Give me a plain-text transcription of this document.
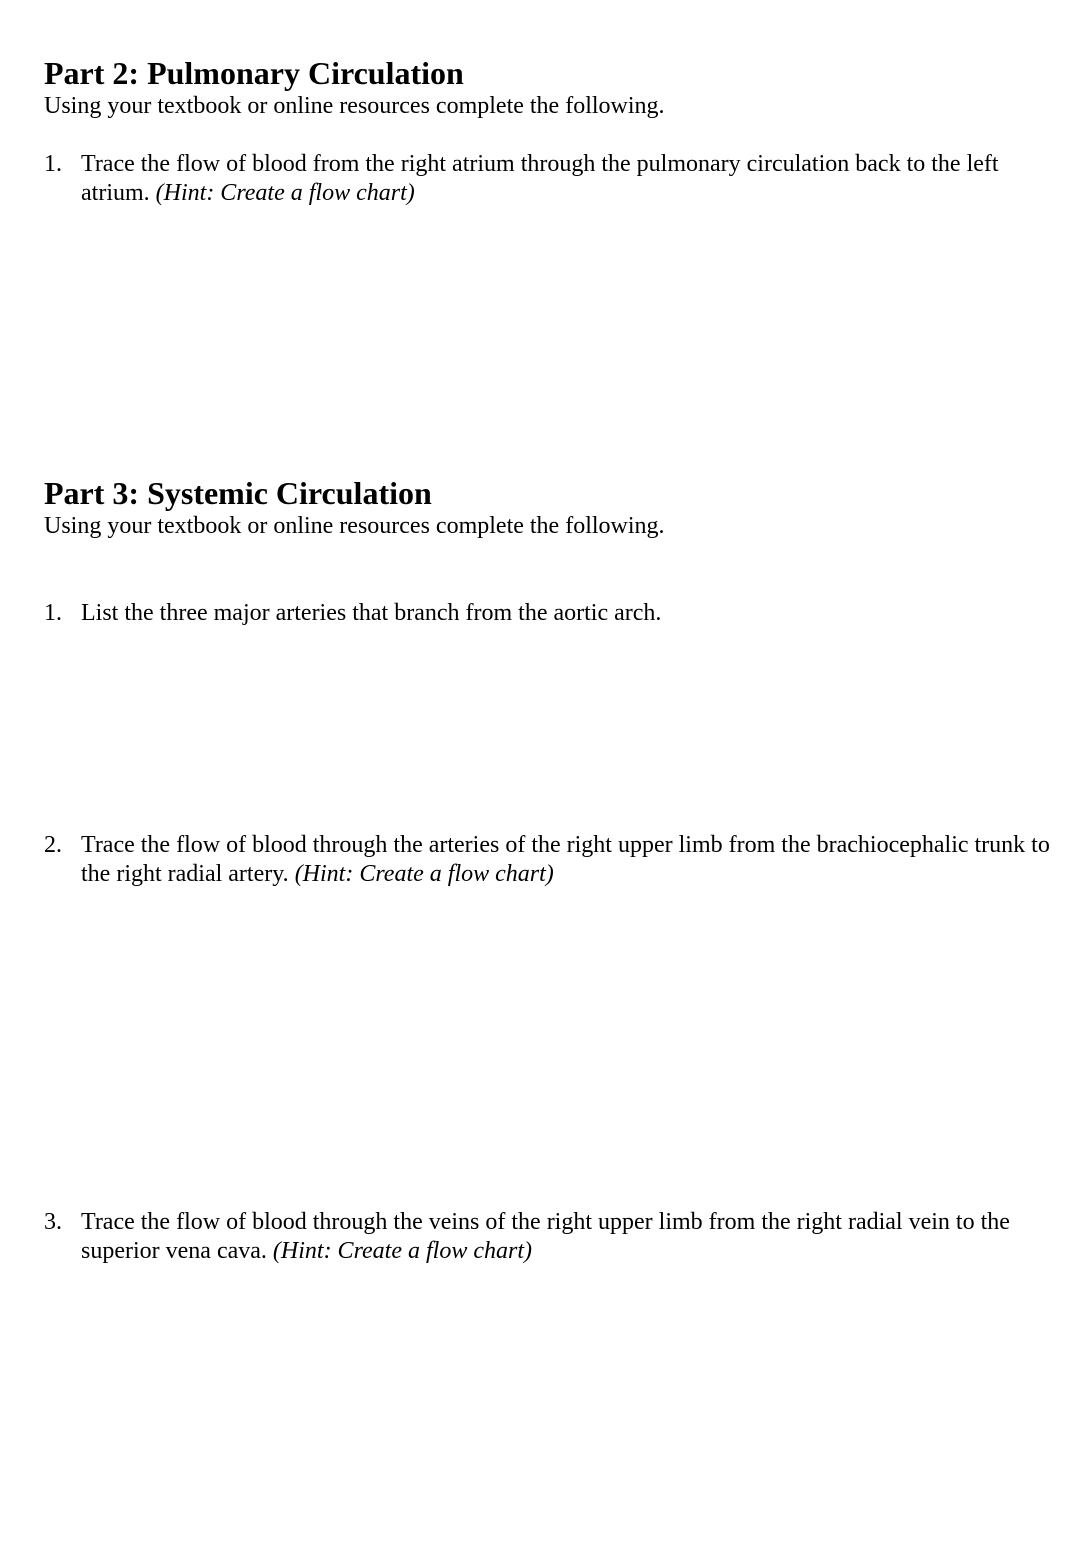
Part 2: Pulmonary Circulation

Using your textbook or online resources complete the following.

1. Trace the flow of blood from the right atrium through the pulmonary circulation back to the left
atrium. (Hint: Create a flow chart)
Part 3: Systemic Circulation

Using your textbook or online resources complete the following.

1. List the three major arteries that branch from the aortic arch.
2. Trace the flow of blood through the arteries of the right upper limb from the brachiocephalic trunk to
the right radial artery. (Hint: Create a flow chart)
3. Trace the flow of blood through the veins of the right upper limb from the right radial vein to the
superior vena cava. (Hint: Create a flow chart)
